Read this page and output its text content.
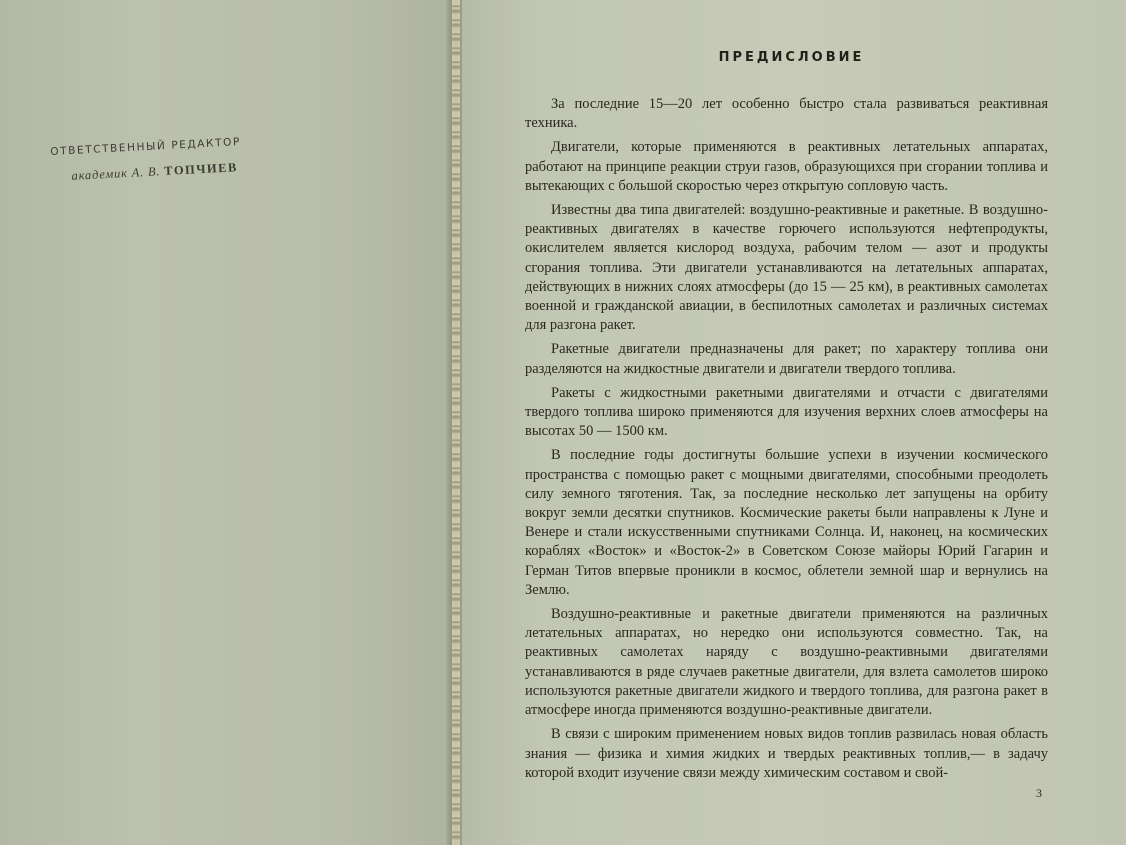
ОТВЕТСТВЕННЫЙ РЕДАКТОР
академик А. В. ТОПЧИЕВ
ПРЕДИСЛОВИЕ

За последние 15—20 лет особенно быстро стала развиваться реактивная техника.

Двигатели, которые применяются в реактивных летательных аппаратах, работают на принципе реакции струи газов, образующихся при сгорании топлива и вытекающих с большой скоростью через открытую сопловую часть.

Известны два типа двигателей: воздушно-реактивные и ракетные. В воздушно-реактивных двигателях в качестве горючего используются нефтепродукты, окислителем является кислород воздуха, рабочим телом — азот и продукты сгорания топлива. Эти двигатели устанавливаются на летательных аппаратах, действующих в нижних слоях атмосферы (до 15 — 25 км), в реактивных самолетах военной и гражданской авиации, в беспилотных самолетах и различных системах для разгона ракет.

Ракетные двигатели предназначены для ракет; по характеру топлива они разделяются на жидкостные двигатели и двигатели твердого топлива.

Ракеты с жидкостными ракетными двигателями и отчасти с двигателями твердого топлива широко применяются для изучения верхних слоев атмосферы на высотах 50 — 1500 км.

В последние годы достигнуты большие успехи в изучении космического пространства с помощью ракет с мощными двигателями, способными преодолеть силу земного тяготения. Так, за последние несколько лет запущены на орбиту вокруг земли десятки спутников. Космические ракеты были направлены к Луне и Венере и стали искусственными спутниками Солнца. И, наконец, на космических кораблях «Восток» и «Восток-2» в Советском Союзе майоры Юрий Гагарин и Герман Титов впервые проникли в космос, облетели земной шар и вернулись на Землю.

Воздушно-реактивные и ракетные двигатели применяются на различных летательных аппаратах, но нередко они используются совместно. Так, на реактивных самолетах наряду с воздушно-реактивными двигателями устанавливаются в ряде случаев ракетные двигатели, для взлета самолетов широко используются ракетные двигатели жидкого и твердого топлива, для разгона ракет в атмосфере иногда применяются воздушно-реактивные двигатели.

В связи с широким применением новых видов топлив развилась новая область знания — физика и химия жидких и твердых реактивных топлив,— в задачу которой входит изучение связи между химическим составом и свой-

3
